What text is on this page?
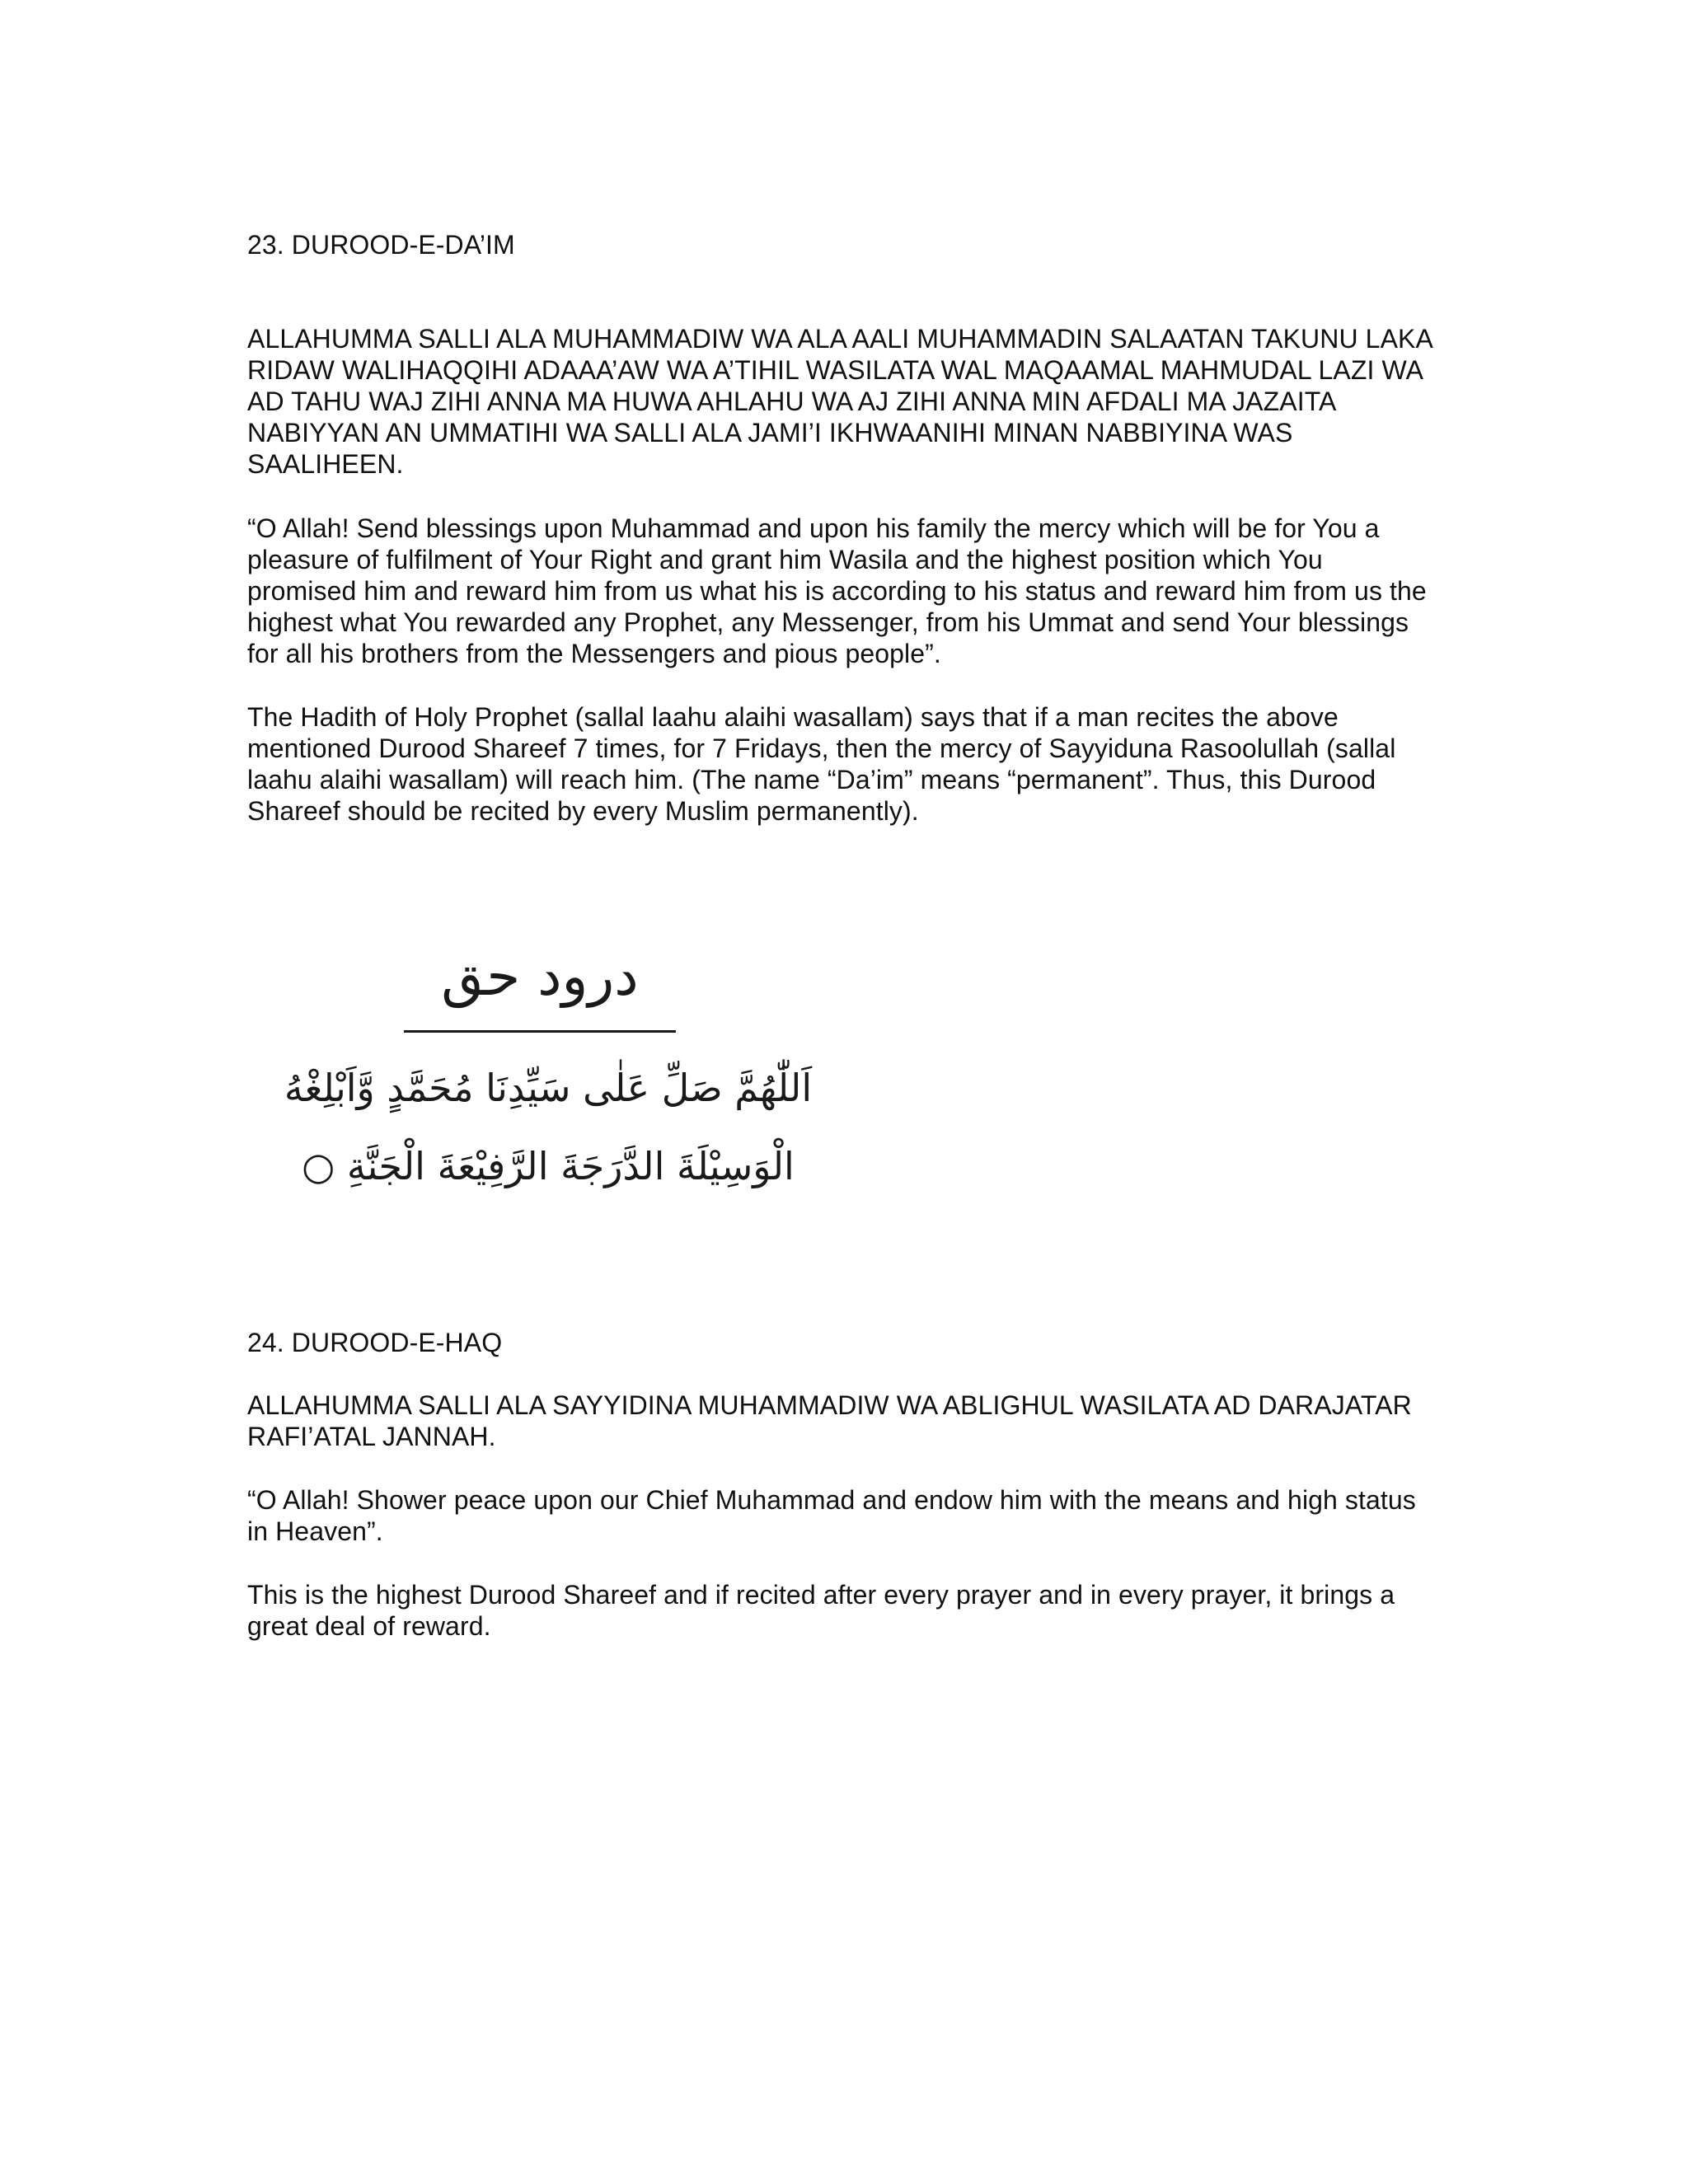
23. DUROOD-E-DA’IM

ALLAHUMMA SALLI ALA MUHAMMADIW WA ALA AALI MUHAMMADIN SALAATAN TAKUNU LAKA RIDAW WALIHAQQIHI ADAAA’AW WA A’TIHIL WASILATA WAL MAQAAMAL MAHMUDAL LAZI WA AD TAHU WAJ ZIHI ANNA MA HUWA AHLAHU WA AJ ZIHI ANNA MIN AFDALI MA JAZAITA NABIYYAN AN UMMATIHI WA SALLI ALA JAMI’I IKHWAANIHI MINAN NABBIYINA WAS SAALIHEEN.

“O Allah! Send blessings upon Muhammad and upon his family the mercy which will be for You a pleasure of fulfilment of Your Right and grant him Wasila and the highest position which You promised him and reward him from us what his is according to his status and reward him from us the highest what You rewarded any Prophet, any Messenger, from his Ummat and send Your blessings for all his brothers from the Messengers and pious people”.

The Hadith of Holy Prophet (sallal laahu alaihi wasallam) says that if a man recites the above mentioned Durood Shareef 7 times, for 7 Fridays, then the mercy of Sayyiduna Rasoolullah (sallal laahu alaihi wasallam) will reach him. (The name “Da’im” means “permanent”. Thus, this Durood Shareef should be recited by every Muslim permanently).

درود حق
اَللّٰهُمَّ صَلِّ عَلٰى سَيِّدِنَا مُحَمَّدٍ وَّاَبْلِغْهُ
الْوَسِيْلَةَ الدَّرَجَةَ الرَّفِيْعَةَ الْجَنَّةِ ○

24. DUROOD-E-HAQ

ALLAHUMMA SALLI ALA SAYYIDINA MUHAMMADIW WA ABLIGHUL WASILATA AD DARAJATAR RAFI’ATAL JANNAH.

“O Allah! Shower peace upon our Chief Muhammad and endow him with the means and high status in Heaven”.

This is the highest Durood Shareef and if recited after every prayer and in every prayer, it brings a great deal of reward.
